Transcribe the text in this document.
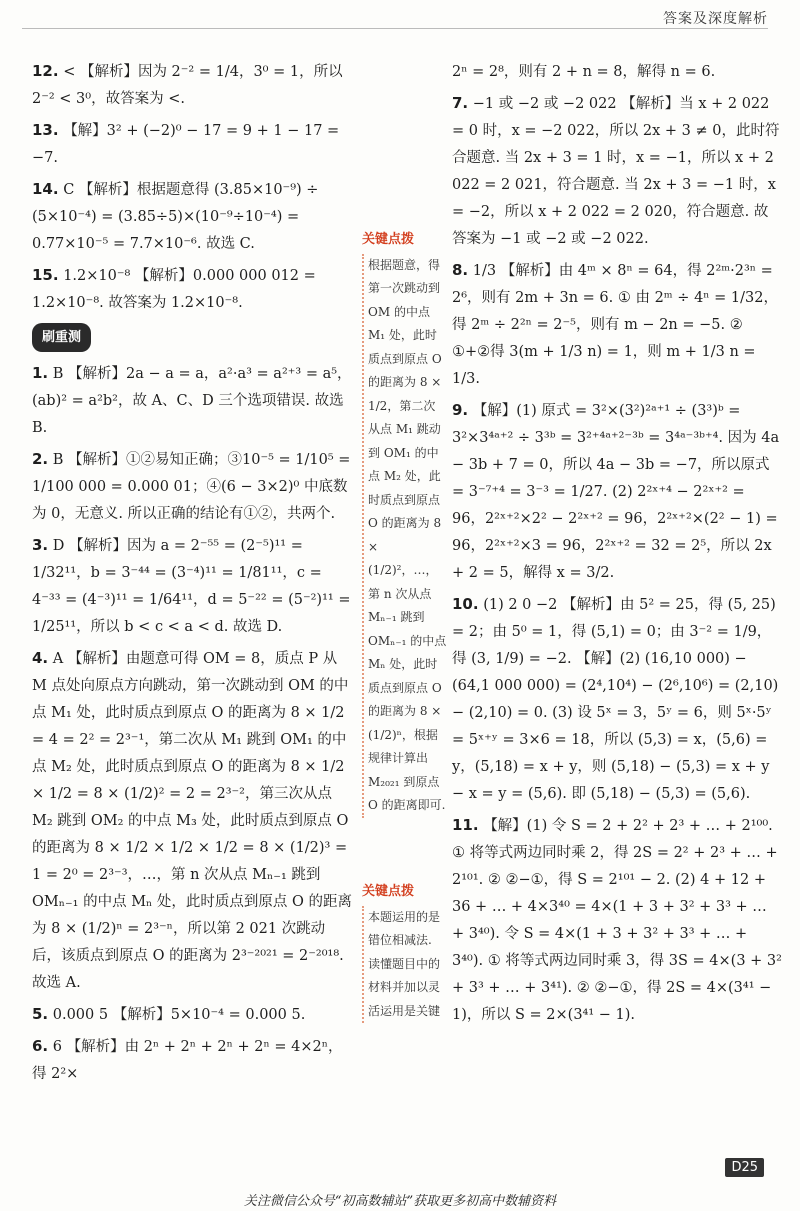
答案及深度解析
12. < 【解析】因为 2⁻² = 1/4，3⁰ = 1，所以 2⁻² < 3⁰，故答案为 <.
13. 【解】3² + (−2)⁰ − 17 = 9 + 1 − 17 = −7.
14. C 【解析】根据题意得 (3.85×10⁻⁹) ÷ (5×10⁻⁴) = (3.85÷5)×(10⁻⁹÷10⁻⁴) = 0.77×10⁻⁵ = 7.7×10⁻⁶. 故选 C.
15. 1.2×10⁻⁸ 【解析】0.000 000 012 = 1.2×10⁻⁸. 故答案为 1.2×10⁻⁸.
刷重测
1. B 【解析】2a − a = a，a²·a³ = a²⁺³ = a⁵，(ab)² = a²b²，故 A、C、D 三个选项错误. 故选 B.
2. B 【解析】①②易知正确；③10⁻⁵ = 1/10⁵ = 1/100 000 = 0.000 01；④(6 − 3×2)⁰ 中底数为 0，无意义. 所以正确的结论有①②，共两个.
3. D 【解析】因为 a = 2⁻⁵⁵ = (2⁻⁵)¹¹ = 1/32¹¹，b = 3⁻⁴⁴ = (3⁻⁴)¹¹ = 1/81¹¹，c = 4⁻³³ = (4⁻³)¹¹ = 1/64¹¹，d = 5⁻²² = (5⁻²)¹¹ = 1/25¹¹，所以 b < c < a < d. 故选 D.
4. A 【解析】由题意可得 OM = 8，质点 P 从 M 点处向原点方向跳动，第一次跳动到 OM 的中点 M₁ 处，此时质点到原点 O 的距离为 8 × 1/2 = 4 = 2² = 2³⁻¹，第二次从 M₁ 跳到 OM₁ 的中点 M₂ 处，此时质点到原点 O 的距离为 8 × 1/2 × 1/2 = 8 × (1/2)² = 2 = 2³⁻²，第三次从点 M₂ 跳到 OM₂ 的中点 M₃ 处，此时质点到原点 O 的距离为 8 × 1/2 × 1/2 × 1/2 = 8 × (1/2)³ = 1 = 2⁰ = 2³⁻³，…，第 n 次从点 Mₙ₋₁ 跳到 OMₙ₋₁ 的中点 Mₙ 处，此时质点到原点 O 的距离为 8 × (1/2)ⁿ = 2³⁻ⁿ，所以第 2 021 次跳动后，该质点到原点 O 的距离为 2³⁻²⁰²¹ = 2⁻²⁰¹⁸. 故选 A.
5. 0.000 5 【解析】5×10⁻⁴ = 0.000 5.
6. 6 【解析】由 2ⁿ + 2ⁿ + 2ⁿ + 2ⁿ = 4×2ⁿ，得 2²×
关键点拨
根据题意，得第一次跳动到 OM 的中点 M₁ 处，此时质点到原点 O 的距离为 8 × 1/2，第二次从点 M₁ 跳动到 OM₁ 的中点 M₂ 处，此时质点到原点 O 的距离为 8 × (1/2)²，…，第 n 次从点 Mₙ₋₁ 跳到 OMₙ₋₁ 的中点 Mₙ 处，此时质点到原点 O 的距离为 8 × (1/2)ⁿ，根据规律计算出 M₂₀₂₁ 到原点 O 的距离即可.
关键点拨
本题运用的是错位相减法. 读懂题目中的材料并加以灵活运用是关键
2ⁿ = 2⁸，则有 2 + n = 8，解得 n = 6.
7. −1 或 −2 或 −2 022 【解析】当 x + 2 022 = 0 时，x = −2 022，所以 2x + 3 ≠ 0，此时符合题意. 当 2x + 3 = 1 时，x = −1，所以 x + 2 022 = 2 021，符合题意. 当 2x + 3 = −1 时，x = −2，所以 x + 2 022 = 2 020，符合题意. 故答案为 −1 或 −2 或 −2 022.
8. 1/3 【解析】由 4ᵐ × 8ⁿ = 64，得 2²ᵐ·2³ⁿ = 2⁶，则有 2m + 3n = 6. ① 由 2ᵐ ÷ 4ⁿ = 1/32，得 2ᵐ ÷ 2²ⁿ = 2⁻⁵，则有 m − 2n = −5. ② ①+②得 3(m + 1/3 n) = 1，则 m + 1/3 n = 1/3.
9. 【解】(1) 原式 = 3²×(3²)²ᵃ⁺¹ ÷ (3³)ᵇ = 3²×3⁴ᵃ⁺² ÷ 3³ᵇ = 3²⁺⁴ᵃ⁺²⁻³ᵇ = 3⁴ᵃ⁻³ᵇ⁺⁴. 因为 4a − 3b + 7 = 0，所以 4a − 3b = −7，所以原式 = 3⁻⁷⁺⁴ = 3⁻³ = 1/27. (2) 2²ˣ⁺⁴ − 2²ˣ⁺² = 96，2²ˣ⁺²×2² − 2²ˣ⁺² = 96，2²ˣ⁺²×(2² − 1) = 96，2²ˣ⁺²×3 = 96，2²ˣ⁺² = 32 = 2⁵，所以 2x + 2 = 5，解得 x = 3/2.
10. (1) 2 0 −2 【解析】由 5² = 25，得 (5, 25) = 2；由 5⁰ = 1，得 (5,1) = 0；由 3⁻² = 1/9，得 (3, 1/9) = −2. 【解】(2) (16,10 000) − (64,1 000 000) = (2⁴,10⁴) − (2⁶,10⁶) = (2,10) − (2,10) = 0. (3) 设 5ˣ = 3，5ʸ = 6，则 5ˣ·5ʸ = 5ˣ⁺ʸ = 3×6 = 18，所以 (5,3) = x，(5,6) = y，(5,18) = x + y，则 (5,18) − (5,3) = x + y − x = y = (5,6). 即 (5,18) − (5,3) = (5,6).
11. 【解】(1) 令 S = 2 + 2² + 2³ + … + 2¹⁰⁰. ① 将等式两边同时乘 2，得 2S = 2² + 2³ + … + 2¹⁰¹. ② ②−①，得 S = 2¹⁰¹ − 2. (2) 4 + 12 + 36 + … + 4×3⁴⁰ = 4×(1 + 3 + 3² + 3³ + … + 3⁴⁰). 令 S = 4×(1 + 3 + 3² + 3³ + … + 3⁴⁰). ① 将等式两边同时乘 3，得 3S = 4×(3 + 3² + 3³ + … + 3⁴¹). ② ②−①，得 2S = 4×(3⁴¹ − 1)，所以 S = 2×(3⁴¹ − 1).
D25
关注微信公众号“初高数辅站”获取更多初高中数辅资料
